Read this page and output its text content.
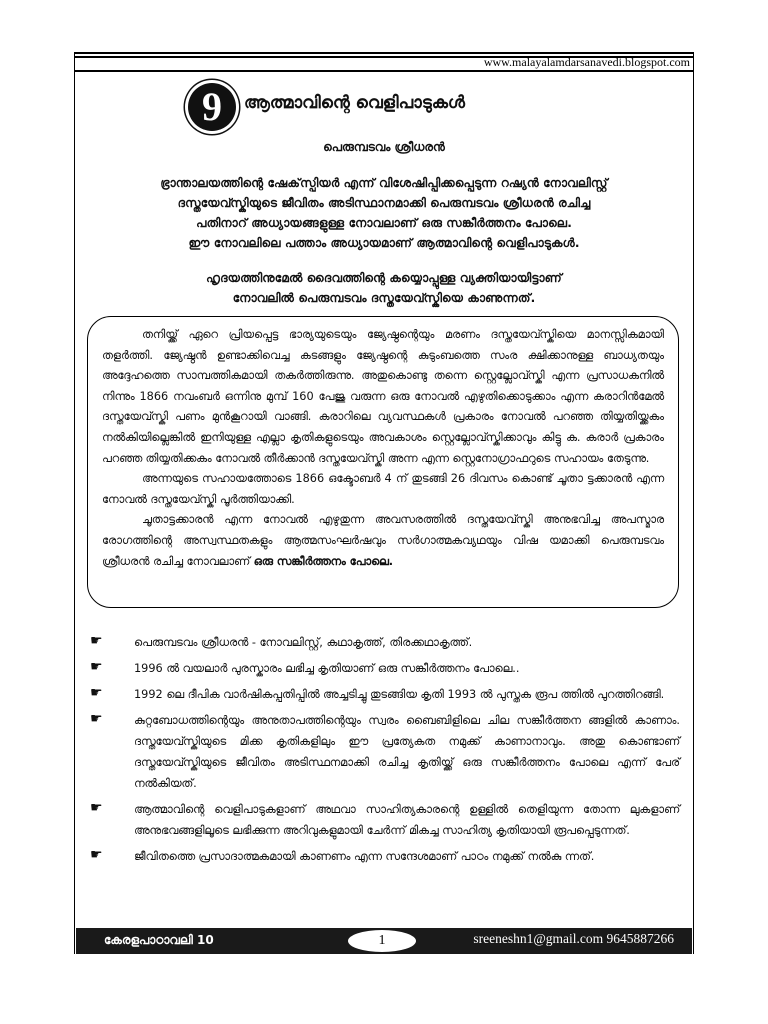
www.malayalamdarsanavedi.blogspot.com
9	ആത്മാവിന്റെ വെളിപാടുകൾ
പെരുമ്പടവം ശ്രീധരൻ

ഭ്രാന്താലയത്തിന്റെ ഷേക്‌സ്പിയർ എന്ന് വിശേഷിപ്പിക്കപ്പെടുന്ന റഷ്യൻ നോവലിസ്റ്റ്

ദസ്തയേവ്സ്കിയുടെ ജീവിതം അടിസ്ഥാനമാക്കി പെരുമ്പടവം ശ്രീധരൻ രചിച്ച

പതിനാറ് അധ്യായങ്ങളുള്ള നോവലാണ് ഒരു സങ്കീർത്തനം പോലെ.

ഈ നോവലിലെ പത്താം അധ്യായമാണ് ആത്മാവിന്റെ വെളിപാടുകൾ.

ഹൃദയത്തിനുമേൽ ദൈവത്തിന്റെ കയ്യൊപ്പുള്ള വ്യക്തിയായിട്ടാണ്

നോവലിൽ പെരുമ്പടവം ദസ്തയേവ്സ്കിയെ കാണുന്നത്.

തനിയ്ക്ക് ഏറെ പ്രിയപ്പെട്ട ഭാര്യയുടെയും ജ്യേഷ്ഠന്റെയും മരണം ദസ്തയേവ്സ്കിയെ മാനസ്സികമായി തളർത്തി. ജ്യേഷ്ഠൻ ഉണ്ടാക്കിവെച്ച കടങ്ങളും ജ്യേഷ്ഠന്റെ കുടുംബത്തെ സംര ക്ഷിക്കാനുള്ള ബാധ്യതയും അദ്ദേഹത്തെ സാമ്പത്തികമായി തകർത്തിരുന്നു. അതുകൊണ്ടു തന്നെ സ്റ്റെല്ലോവ്സ്കി എന്ന പ്രസാധകനിൽ നിന്നും 1866 നവംബർ ഒന്നിനു മുമ്പ് 160 പേജു വരുന്ന ഒരു നോവൽ എഴുതിക്കൊടുക്കാം എന്ന കരാറിൻമേൽ ദസ്തയേവ്സ്കി പണം മുൻകൂറായി വാങ്ങി. കരാറിലെ വ്യവസ്ഥകൾ പ്രകാരം നോവൽ പറഞ്ഞ തിയ്യതിയ്ക്കകം നൽകിയില്ലെങ്കിൽ ഇനിയുള്ള എല്ലാ കൃതികളുടെയും അവകാശം സ്റ്റെല്ലോവ്സ്കിക്കാവും കിട്ടു ക. കരാർ പ്രകാരം പറഞ്ഞ തിയ്യതിക്കകം നോവൽ തീർക്കാൻ ദസ്തയേവ്സ്കി അന്ന എന്ന സ്റ്റെനോഗ്രാഫറുടെ സഹായം തേടുന്നു.

അന്നയുടെ സഹായത്തോടെ 1866 ഒക്ടോബർ 4 ന് തുടങ്ങി 26 ദിവസം കൊണ്ട് ചൂതാ ട്ടക്കാരൻ എന്ന നോവൽ ദസ്തയേവ്സ്കി പൂർത്തിയാക്കി.

ചൂതാട്ടക്കാരൻ എന്ന നോവൽ എഴുതുന്ന അവസരത്തിൽ ദസ്തയേവ്സ്കി അനുഭവിച്ച അപസ്മാര രോഗത്തിന്റെ അസ്വസ്ഥതകളും ആത്മസംഘർഷവും സർഗാത്മകവ്യഥയും വിഷ യമാക്കി പെരുമ്പടവം ശ്രീധരൻ രചിച്ച നോവലാണ് ഒരു സങ്കീർത്തനം പോലെ.

☛	പെരുമ്പടവം ശ്രീധരൻ - നോവലിസ്റ്റ്, കഥാകൃത്ത്, തിരക്കഥാകൃത്ത്.
☛	1996 ൽ വയലാർ പുരസ്കാരം ലഭിച്ച കൃതിയാണ് ഒരു സങ്കീർത്തനം പോലെ..
☛	1992 ലെ ദീപിക വാർഷികപ്പതിപ്പിൽ അച്ചടിച്ചു തുടങ്ങിയ കൃതി 1993 ൽ പുസ്തക രൂപ ത്തിൽ പുറത്തിറങ്ങി.
☛	കുറ്റബോധത്തിന്റെയും അനുതാപത്തിന്റെയും സ്വരം ബൈബിളിലെ ചില സങ്കീർത്തന ങ്ങളിൽ കാണാം. ദസ്തയേവ്സ്കിയുടെ മിക്ക കൃതികളിലും ഈ പ്രത്യേകത നമുക്ക് കാണാനാവും. അതു കൊണ്ടാണ് ദസ്തയേവ്സ്കിയുടെ ജീവിതം അടിസ്ഥനമാക്കി രചിച്ച കൃതിയ്ക്ക് ഒരു സങ്കീർത്തനം പോലെ എന്ന് പേര് നൽകിയത്.
☛	ആത്മാവിന്റെ വെളിപാടുകളാണ് അഥവാ സാഹിത്യകാരന്റെ ഉള്ളിൽ തെളിയുന്ന തോന്ന ലുകളാണ് അനുഭവങ്ങളിലൂടെ ലഭിക്കുന്ന അറിവുകളുമായി ചേർന്ന് മികച്ച സാഹിത്യ കൃതിയായി രൂപപ്പെടുന്നത്.
☛	ജീവിതത്തെ പ്രസാദാത്മകമായി കാണണം എന്ന സന്ദേശമാണ് പാഠം നമുക്ക് നൽകു ന്നത്.
കേരളപാഠാവലി 10	1	sreeneshn1@gmail.com 9645887266
